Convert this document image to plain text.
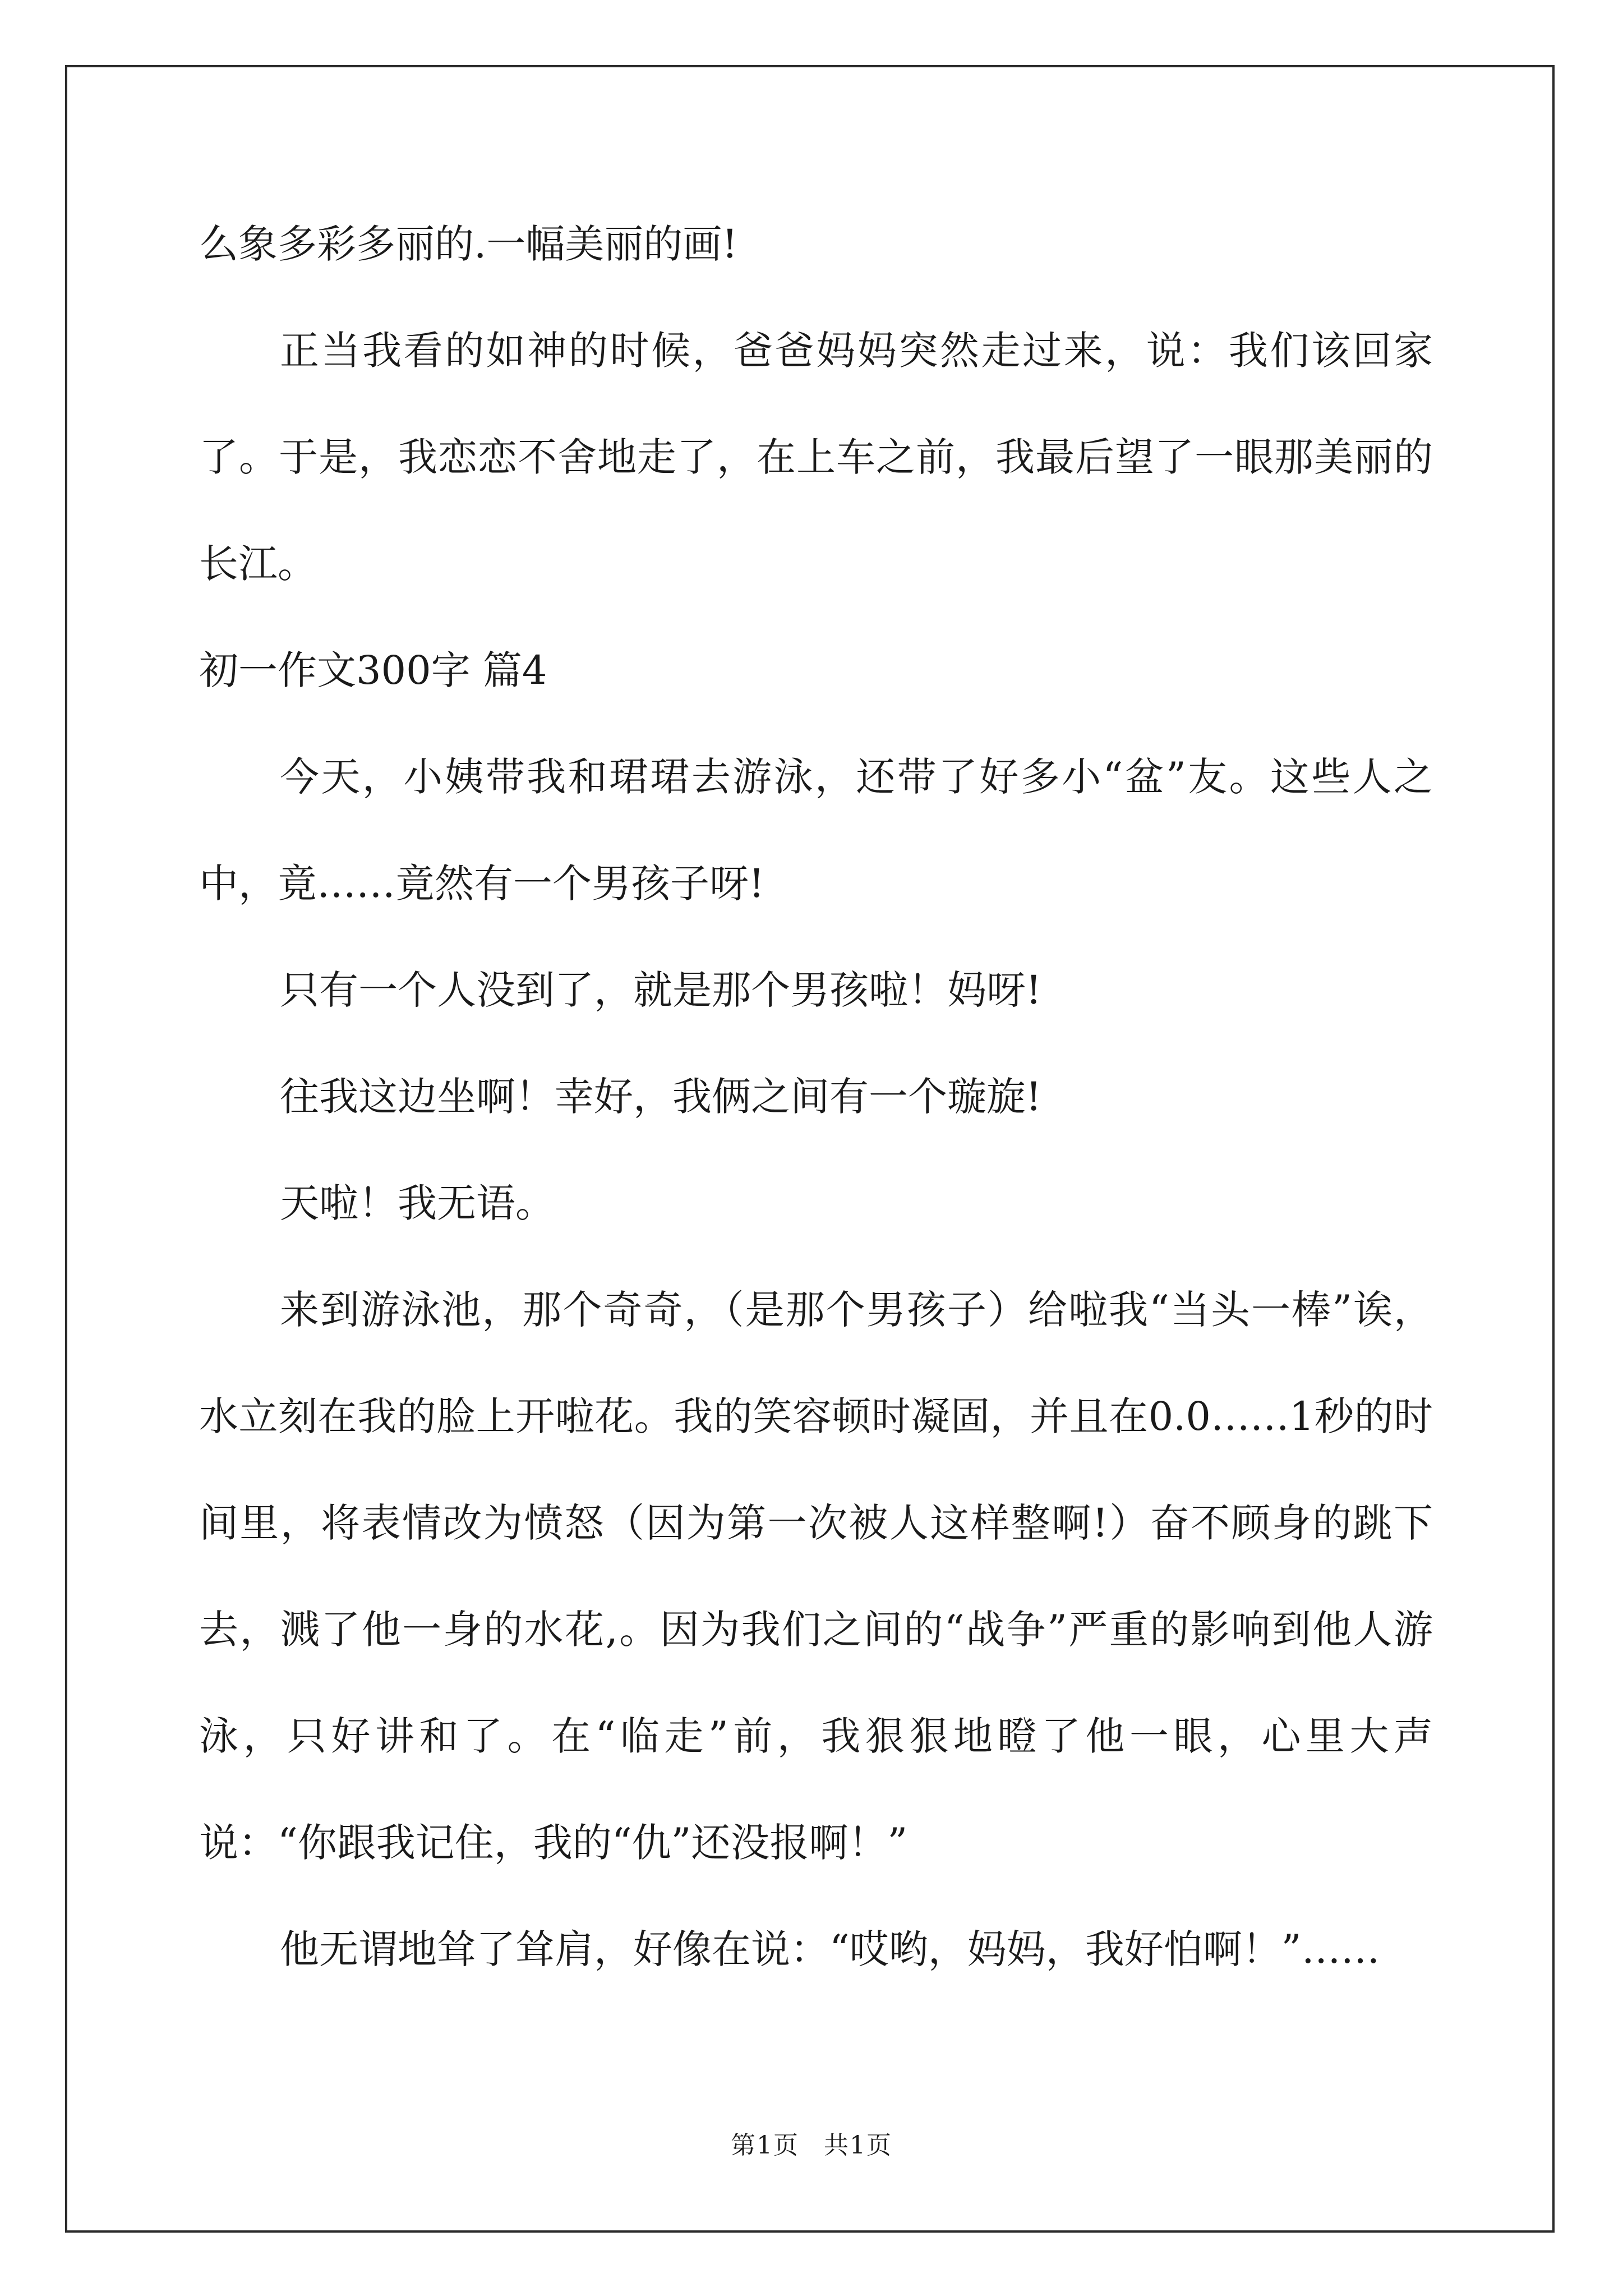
么象多彩多丽的.一幅美丽的画!

正当我看的如神的时候，爸爸妈妈突然走过来，说：我们该回家了。于是，我恋恋不舍地走了，在上车之前，我最后望了一眼那美丽的长江。

初一作文300字 篇4

今天，小姨带我和珺珺去游泳，还带了好多小“盆”友。这些人之中，竟……竟然有一个男孩子呀!

只有一个人没到了，就是那个男孩啦！妈呀!

往我这边坐啊！幸好，我俩之间有一个璇旋!

天啦！我无语。

来到游泳池，那个奇奇，（是那个男孩子）给啦我“当头一棒”诶，水立刻在我的脸上开啦花。我的笑容顿时凝固，并且在0.0……1秒的时间里，将表情改为愤怒（因为第一次被人这样整啊!）奋不顾身的跳下去，溅了他一身的水花,。因为我们之间的“战争”严重的影响到他人游泳，只好讲和了。在“临走”前，我狠狠地瞪了他一眼，心里大声说：“你跟我记住，我的“仇”还没报啊！”

他无谓地耸了耸肩，好像在说：“哎哟，妈妈，我好怕啊！”……

第1页 共1页
